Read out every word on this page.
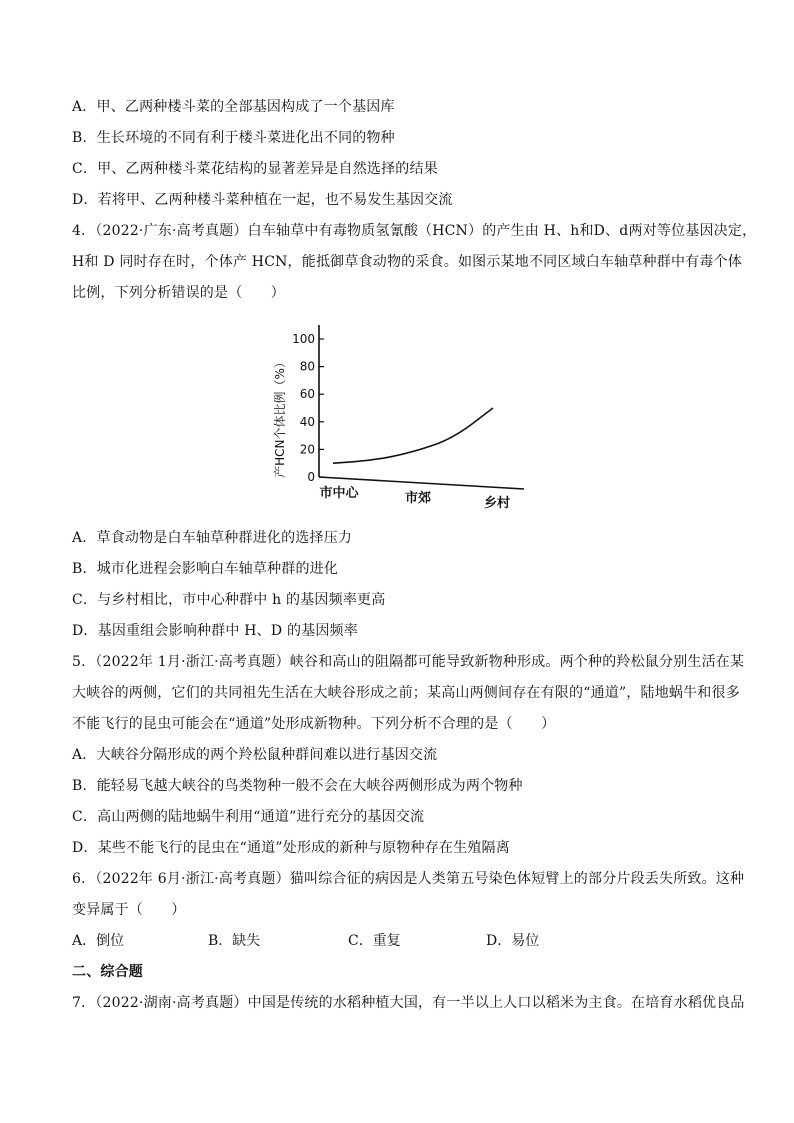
A．甲、乙两种楼斗菜的全部基因构成了一个基因库
B．生长环境的不同有利于楼斗菜进化出不同的物种
C．甲、乙两种楼斗菜花结构的显著差异是自然选择的结果
D．若将甲、乙两种楼斗菜种植在一起，也不易发生基因交流
4．（2022·广东·高考真题）白车轴草中有毒物质氢氰酸（HCN）的产生由 H、h和D、d两对等位基因决定，
H和 D 同时存在时，个体产 HCN，能抵御草食动物的采食。如图示某地不同区域白车轴草种群中有毒个体
比例，下列分析错误的是（　　）
0
20
40
60
80
100
市中心	市郊	乡村
产HCN个体比例（%）
A．草食动物是白车轴草种群进化的选择压力
B．城市化进程会影响白车轴草种群的进化
C．与乡村相比，市中心种群中 h 的基因频率更高
D．基因重组会影响种群中 H、D 的基因频率
5．（2022年 1月·浙江·高考真题）峡谷和高山的阻隔都可能导致新物种形成。两个种的羚松鼠分别生活在某
大峡谷的两侧，它们的共同祖先生活在大峡谷形成之前；某高山两侧间存在有限的“通道”，陆地蜗牛和很多
不能飞行的昆虫可能会在“通道”处形成新物种。下列分析不合理的是（　　）
A．大峡谷分隔形成的两个羚松鼠种群间难以进行基因交流
B．能轻易飞越大峡谷的鸟类物种一般不会在大峡谷两侧形成为两个物种
C．高山两侧的陆地蜗牛利用“通道”进行充分的基因交流
D．某些不能飞行的昆虫在“通道”处形成的新种与原物种存在生殖隔离
6．（2022年 6月·浙江·高考真题）猫叫综合征的病因是人类第五号染色体短臂上的部分片段丢失所致。这种
变异属于（　　）
A．倒位	B．缺失	C．重复	D．易位
二、综合题
7．（2022·湖南·高考真题）中国是传统的水稻种植大国，有一半以上人口以稻米为主食。在培育水稻优良品
